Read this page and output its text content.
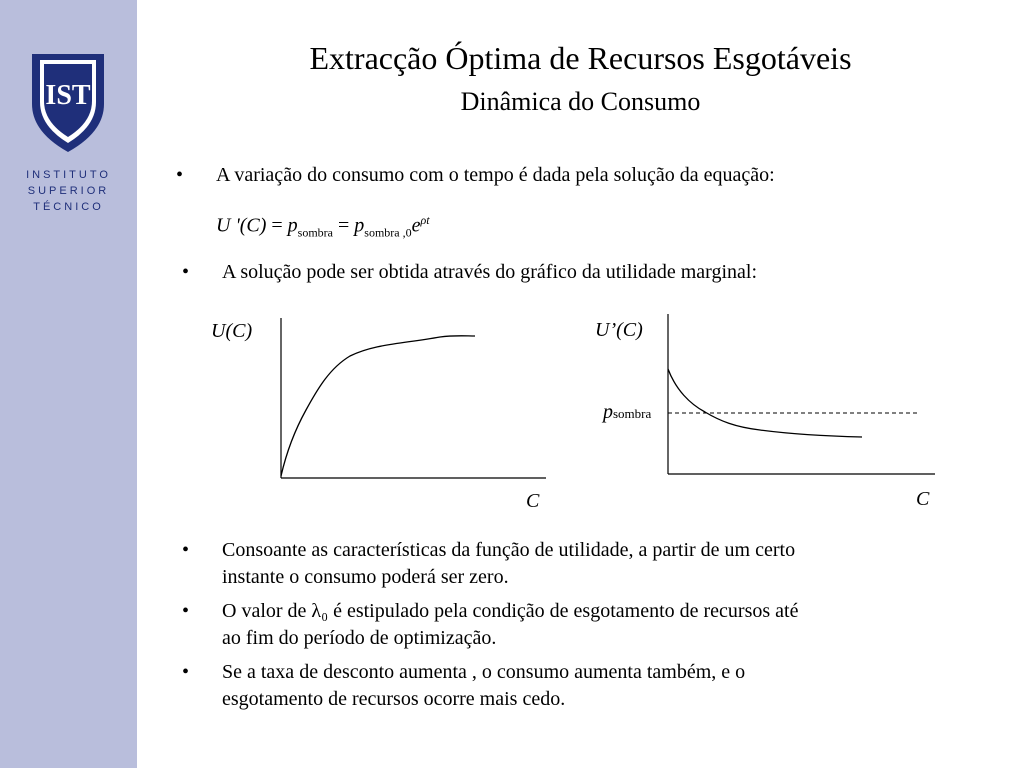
IST
INSTITUTO
SUPERIOR
TÉCNICO
Extracção Óptima de Recursos Esgotáveis
Dinâmica do Consumo
• A variação do consumo com o tempo é dada pela solução da equação:
U '$(C) = p_{sombra} = p_{sombra ,0}e^{\rho t}$
• A solução pode ser obtida através do gráfico da utilidade marginal:
U(C)
C
U’(C)
C
psombra
• Consoante as características da função de utilidade, a partir de um certo
instante o consumo poderá ser zero.
• O valor de λ₀ é estipulado pela condição de esgotamento de recursos até
ao fim do período de optimização.
• Se a taxa de desconto aumenta , o consumo aumenta também, e o
esgotamento de recursos ocorre mais cedo.
